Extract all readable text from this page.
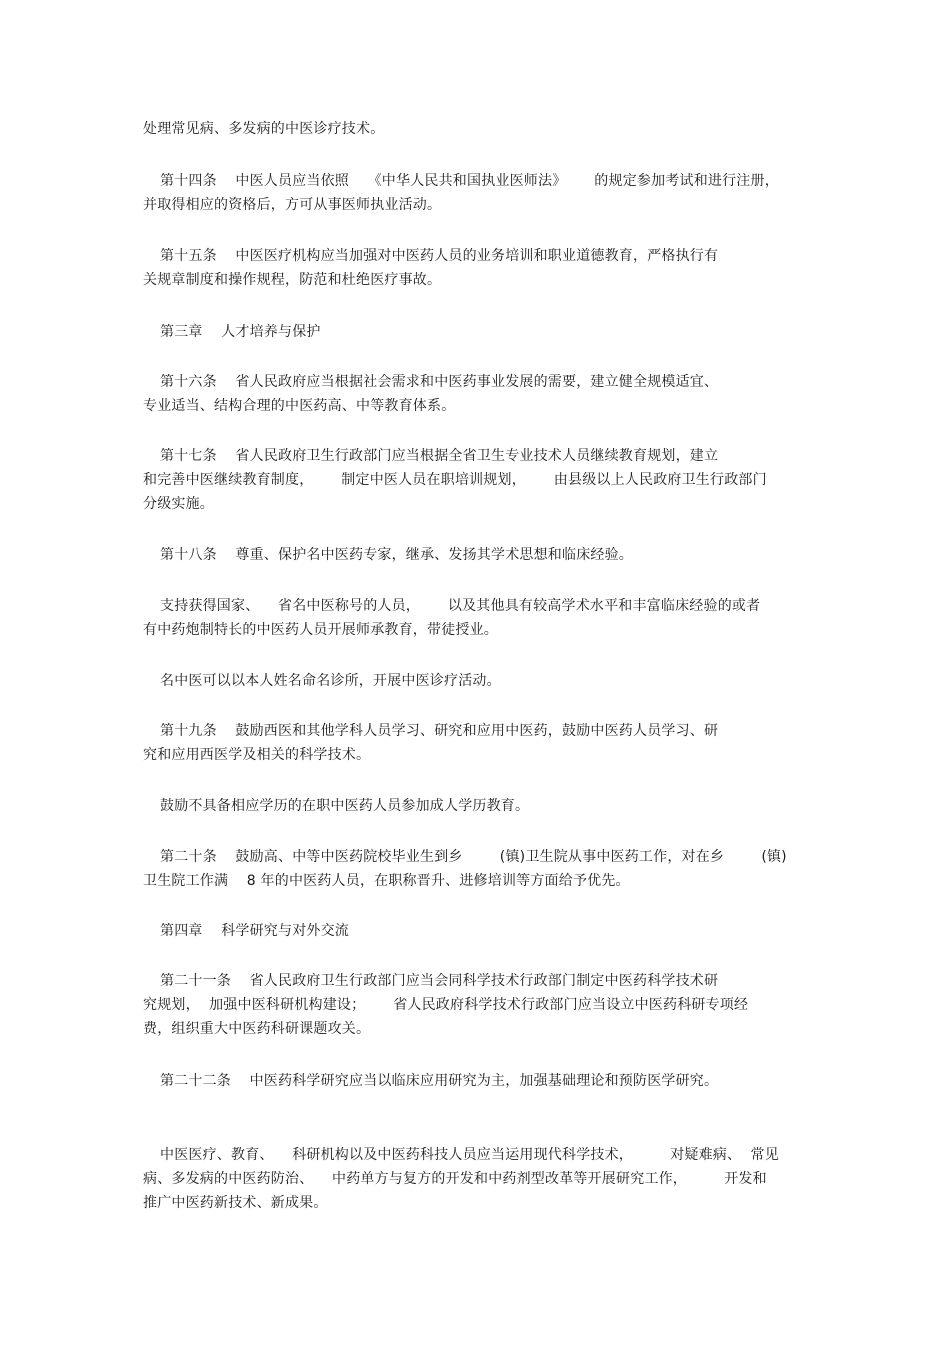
处理常见病、多发病的中医诊疗技术。
第十四条    中医人员应当依照    《中华人民共和国执业医师法》      的规定参加考试和进行注册，
并取得相应的资格后，方可从事医师执业活动。
第十五条    中医医疗机构应当加强对中医药人员的业务培训和职业道德教育，严格执行有
关规章制度和操作规程，防范和杜绝医疗事故。
第三章    人才培养与保护
第十六条    省人民政府应当根据社会需求和中医药事业发展的需要，建立健全规模适宜、
专业适当、结构合理的中医药高、中等教育体系。
第十七条    省人民政府卫生行政部门应当根据全省卫生专业技术人员继续教育规划，建立
和完善中医继续教育制度，      制定中医人员在职培训规划，      由县级以上人民政府卫生行政部门
分级实施。
第十八条    尊重、保护名中医药专家，继承、发扬其学术思想和临床经验。
支持获得国家、    省名中医称号的人员，      以及其他具有较高学术水平和丰富临床经验的或者
有中药炮制特长的中医药人员开展师承教育，带徒授业。
名中医可以以本人姓名命名诊所，开展中医诊疗活动。
第十九条    鼓励西医和其他学科人员学习、研究和应用中医药，鼓励中医药人员学习、研
究和应用西医学及相关的科学技术。
鼓励不具备相应学历的在职中医药人员参加成人学历教育。
第二十条    鼓励高、中等中医药院校毕业生到乡        (镇)卫生院从事中医药工作，对在乡        (镇)
卫生院工作满    8 年的中医药人员，在职称晋升、进修培训等方面给予优先。
第四章    科学研究与对外交流
第二十一条    省人民政府卫生行政部门应当会同科学技术行政部门制定中医药科学技术研
究规划，  加强中医科研机构建设；      省人民政府科学技术行政部门应当设立中医药科研专项经
费，组织重大中医药科研课题攻关。
第二十二条    中医药科学研究应当以临床应用研究为主，加强基础理论和预防医学研究。
中医医疗、教育、    科研机构以及中医药科技人员应当运用现代科学技术，        对疑难病、  常见
病、多发病的中医药防治、    中药单方与复方的开发和中药剂型改革等开展研究工作，        开发和
推广中医药新技术、新成果。
